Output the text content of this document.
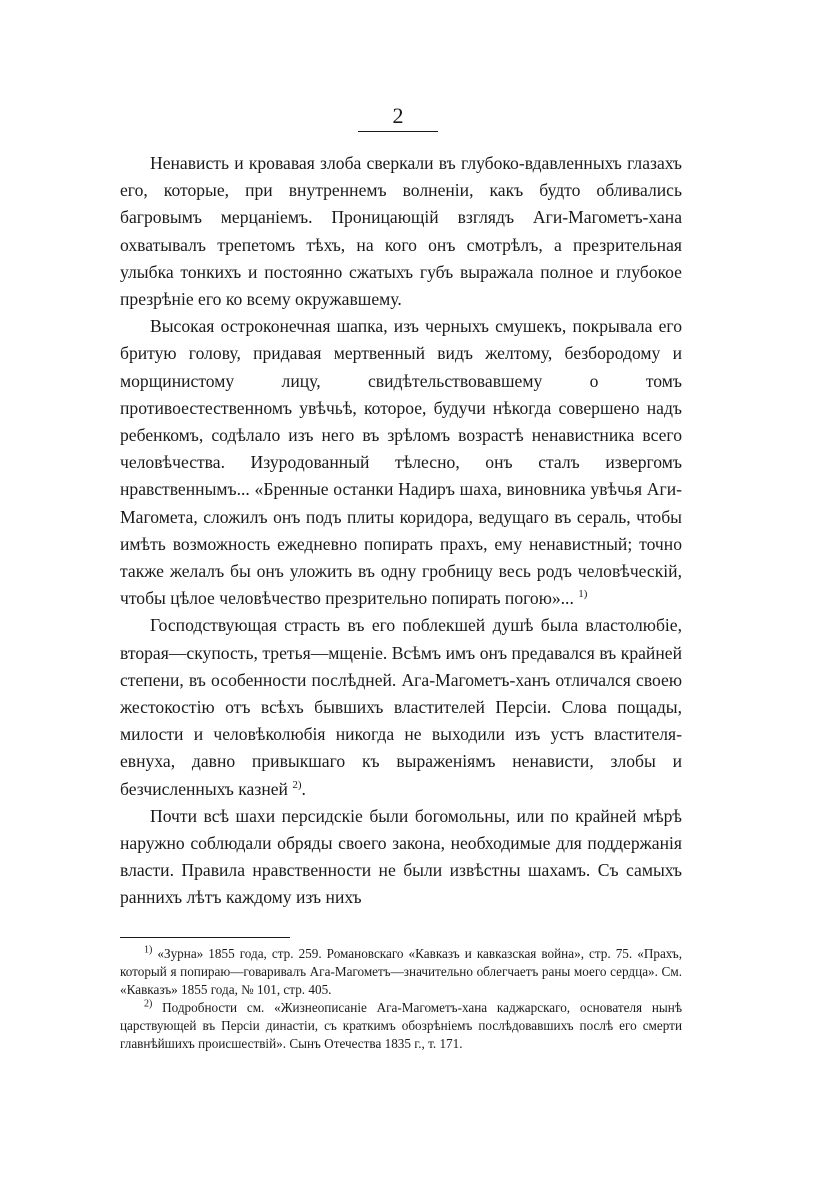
2

Ненависть и кровавая злоба сверкали въ глубоко-вдавленныхъ глазахъ его, которые, при внутреннемъ волненіи, какъ будто обливались багровымъ мерцаніемъ. Проницающій взглядъ Аги-Магометъ-хана охватывалъ трепетомъ тѣхъ, на кого онъ смотрѣлъ, а презрительная улыбка тонкихъ и постоянно сжатыхъ губъ выражала полное и глубокое презрѣніе его ко всему окружавшему.

Высокая остроконечная шапка, изъ черныхъ смушекъ, покрывала его бритую голову, придавая мертвенный видъ желтому, безбородому и морщинистому лицу, свидѣтельствовавшему о томъ противоестественномъ увѣчьѣ, которое, будучи нѣкогда совершено надъ ребенкомъ, содѣлало изъ него въ зрѣломъ возрастѣ ненавистника всего человѣчества. Изуродованный тѣлесно, онъ сталъ извергомъ нравственнымъ... «Бренные останки Надиръ шаха, виновника увѣчья Аги-Магомета, сложилъ онъ подъ плиты коридора, ведущаго въ сераль, чтобы имѣть возможность ежедневно попирать прахъ, ему ненавистный; точно также желалъ бы онъ уложить въ одну гробницу весь родъ человѣческій, чтобы цѣлое человѣчество презрительно попирать погою»... $^{1)}$

Господствующая страсть въ его поблекшей душѣ была властолюбіе, вторая—скупость, третья—мщеніе. Всѣмъ имъ онъ предавался въ крайней степени, въ особенности послѣдней. Ага-Магометъ-ханъ отличался своею жестокостію отъ всѣхъ бывшихъ властителей Персіи. Слова пощады, милости и человѣколюбія никогда не выходили изъ устъ властителя-евнуха, давно привыкшаго къ выраженіямъ ненависти, злобы и безчисленныхъ казней $^{2)}$.

Почти всѣ шахи персидскіе были богомольны, или по крайней мѣрѣ наружно соблюдали обряды своего закона, необходимые для поддержанія власти. Правила нравственности не были извѣстны шахамъ. Съ самыхъ раннихъ лѣтъ каждому изъ нихъ

$^{1)}$ «Зурна» 1855 года, стр. 259. Романовскаго «Кавказъ и кавказская война», стр. 75. «Прахъ, который я попираю—говаривалъ Ага-Магометъ—значительно облегчаетъ раны моего сердца». См. «Кавказъ» 1855 года, № 101, стр. 405.

$^{2)}$ Подробности см. «Жизнеописаніе Ага-Магометъ-хана каджарскаго, основателя нынѣ царствующей въ Персіи династіи, съ краткимъ обозрѣніемъ послѣдовавшихъ послѣ его смерти главнѣйшихъ происшествій». Сынъ Отечества 1835 г., т. 171.
